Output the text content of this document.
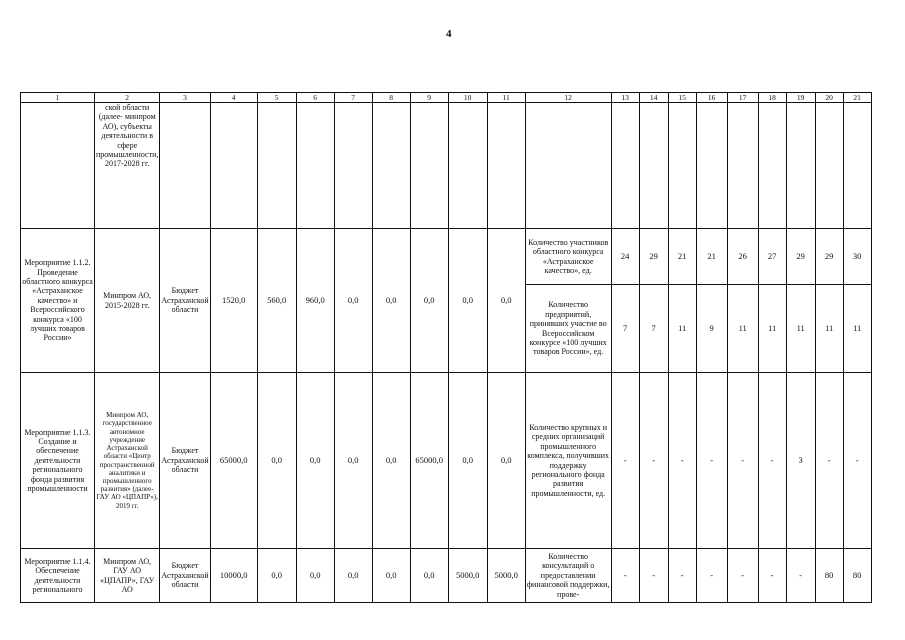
4
1	2	3	4	5	6	7	8	9	10	11	12	13	14	15	16	17	18	19	20	21
	ской области (далее- минпром АО), субъекты деятельности в сфере промышленности, 2017-2028 гг.																			
Мероприятие 1.1.2. Проведение областного конкурса «Астраханское качество» и Всероссийского конкурса «100 лучших товаров России»	Минпром АО, 2015-2028 гг.	Бюджет Астраханской области	1520,0	560,0	960,0	0,0	0,0	0,0	0,0	0,0	Количество участников областного конкурса «Астраханское качество», ед.	24	29	21	21	26	27	29	29	30
											Количество предприятий, принявших участие во Всероссийском конкурсе «100 лучших товаров России», ед.	7	7	11	9	11	11	11	11	11
Мероприятие 1.1.3. Создание и обеспечение деятельности регионального фонда развития промышленности	Минпром АО, государственное автономное учреждение Астраханской области «Центр пространственной аналитики и промышленного развития» (далее- ГАУ АО «ЦПАПР»), 2019 гг.	Бюджет Астраханской области	65000,0	0,0	0,0	0,0	0,0	65000,0	0,0	0,0	Количество крупных и средних организаций промышленного комплекса, получивших поддержку регионального фонда развития промышленности, ед.	-	-	-	-	-	-	3	-	-
Мероприятие 1.1.4. Обеспечение деятельности регионального	Минпром АО, ГАУ АО «ЦПАПР», ГАУ АО	Бюджет Астраханской области	10000,0	0,0	0,0	0,0	0,0	0,0	5000,0	5000,0	Количество консультаций о предоставлении финансовой поддержки, прове-	-	-	-	-	-	-	-	80	80
